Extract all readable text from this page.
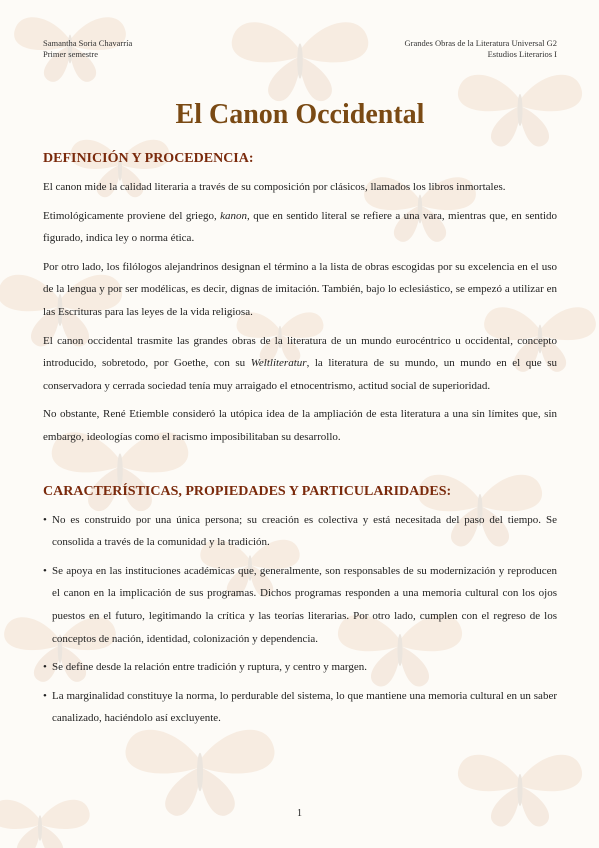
Samantha Soria Chavarría
Primer semestre
Grandes Obras de la Literatura Universal G2
Estudios Literarios I
El Canon Occidental
DEFINICIÓN Y PROCEDENCIA:

El canon mide la calidad literaria a través de su composición por clásicos, llamados los libros inmortales.

Etimológicamente proviene del griego, kanon, que en sentido literal se refiere a una vara, mientras que, en sentido figurado, indica ley o norma ética.

Por otro lado, los filólogos alejandrinos designan el término a la lista de obras escogidas por su excelencia en el uso de la lengua y por ser modélicas, es decir, dignas de imitación. También, bajo lo eclesiástico, se empezó a utilizar en las Escrituras para las leyes de la vida religiosa.

El canon occidental trasmite las grandes obras de la literatura de un mundo eurocéntrico u occidental, concepto introducido, sobretodo, por Goethe, con su Weltliteratur, la literatura de su mundo, un mundo en el que su conservadora y cerrada sociedad tenía muy arraigado el etnocentrismo, actitud social de superioridad.

No obstante, René Etiemble consideró la utópica idea de la ampliación de esta literatura a una sin límites que, sin embargo, ideologías como el racismo imposibilitaban su desarrollo.

CARACTERÍSTICAS, PROPIEDADES Y PARTICULARIDADES:
• No es construido por una única persona; su creación es colectiva y está necesitada del paso del tiempo. Se consolida a través de la comunidad y la tradición.
• Se apoya en las instituciones académicas que, generalmente, son responsables de su modernización y reproducen el canon en la implicación de sus programas. Dichos programas responden a una memoria cultural con los ojos puestos en el futuro, legitimando la crítica y las teorías literarias. Por otro lado, cumplen con el regreso de los conceptos de nación, identidad, colonización y dependencia.
• Se define desde la relación entre tradición y ruptura, y centro y margen.
• La marginalidad constituye la norma, lo perdurable del sistema, lo que mantiene una memoria cultural en un saber canalizado, haciéndolo así excluyente.
1
